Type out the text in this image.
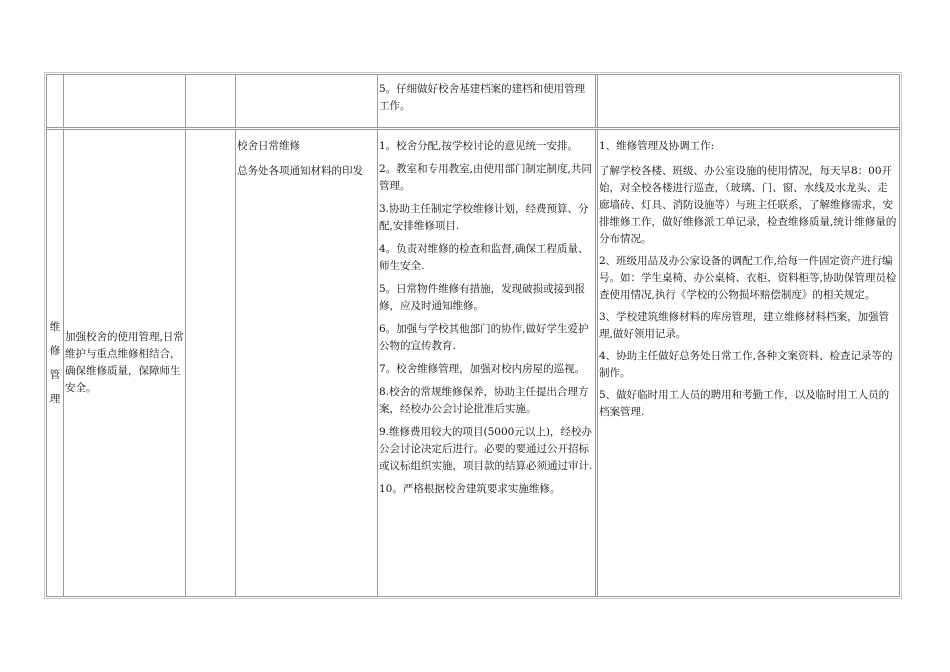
5。仔细做好校舍基建档案的建档和使用管理工作。
维
修
管
理
加强校舍的使用管理,日常维护与重点维修相结合，确保维修质量，保障师生安全。
校舍日常维修
总务处各项通知材料的印发
1。校舍分配,按学校讨论的意见统一安排。
2。教室和专用教室,由使用部门制定制度,共同管理。
3.协助主任制定学校维修计划，经费预算、分配,安排维修项目.
4。负责对维修的检查和监督,确保工程质量、师生安全.
5。日常物件维修有措施，发现破损或接到报修，应及时通知维修。
6。加强与学校其他部门的协作,做好学生爱护公物的宣传教育.
7。校舍维修管理，加强对校内房屋的巡视。
8.校舍的常规维修保养，协助主任提出合理方案，经校办公会讨论批准后实施。
9.维修费用较大的项目(5000元以上)，经校办公会讨论决定后进行。必要的要通过公开招标或议标组织实施，项目款的结算必须通过审计.
10。严格根据校舍建筑要求实施维修。
1、维修管理及协调工作:
了解学校各楼、班级、办公室设施的使用情况，每天早8：00开始，对全校各楼进行巡查，（玻璃、门、窗、水线及水龙头、走廊墙砖、灯具、消防设施等）与班主任联系，了解维修需求，安排维修工作，做好维修派工单记录，检查维修质量,统计维修量的分布情况。
2、班级用品及办公家设备的调配工作,给每一件固定资产进行编号。如：学生桌椅、办公桌椅、衣柜、资料柜等,协助保管理员检查使用情况,执行《学校的公物损坏赔偿制度》的相关规定。
3、学校建筑维修材料的库房管理，建立维修材料档案，加强管理,做好领用记录。
4、协助主任做好总务处日常工作,各种文案资料、检查记录等的制作。
5、做好临时用工人员的聘用和考勤工作，以及临时用工人员的档案管理.
